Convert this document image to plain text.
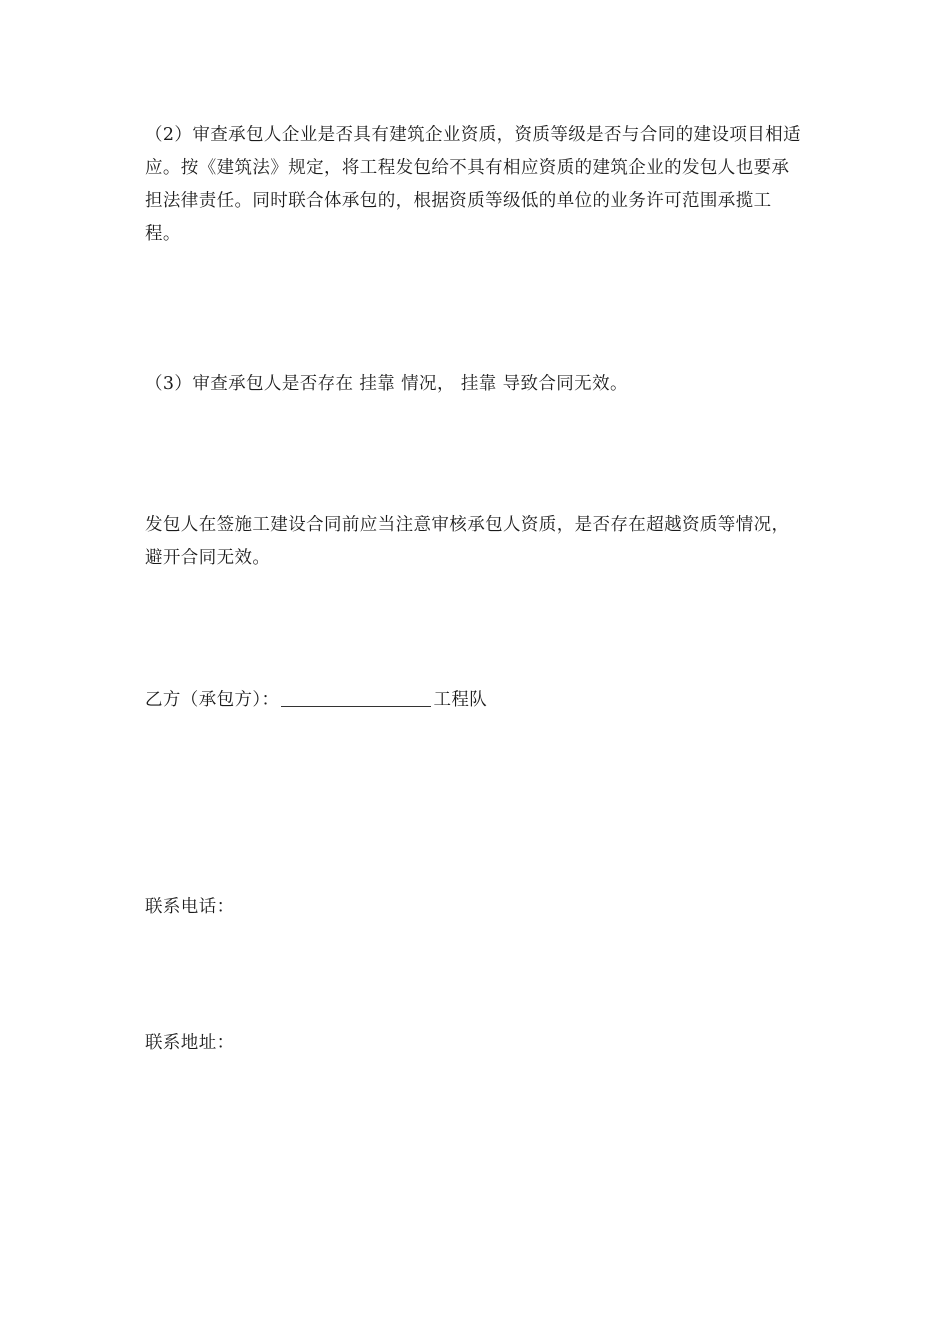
（2）审查承包人企业是否具有建筑企业资质，资质等级是否与合同的建设项目相适应。按《建筑法》规定，将工程发包给不具有相应资质的建筑企业的发包人也要承担法律责任。同时联合体承包的，根据资质等级低的单位的业务许可范围承揽工程。

（3）审查承包人是否存在 挂靠 情况， 挂靠 导致合同无效。

发包人在签施工建设合同前应当注意审核承包人资质，是否存在超越资质等情况，避开合同无效。

乙方（承包方）：	工程队
联系电话：
联系地址：
